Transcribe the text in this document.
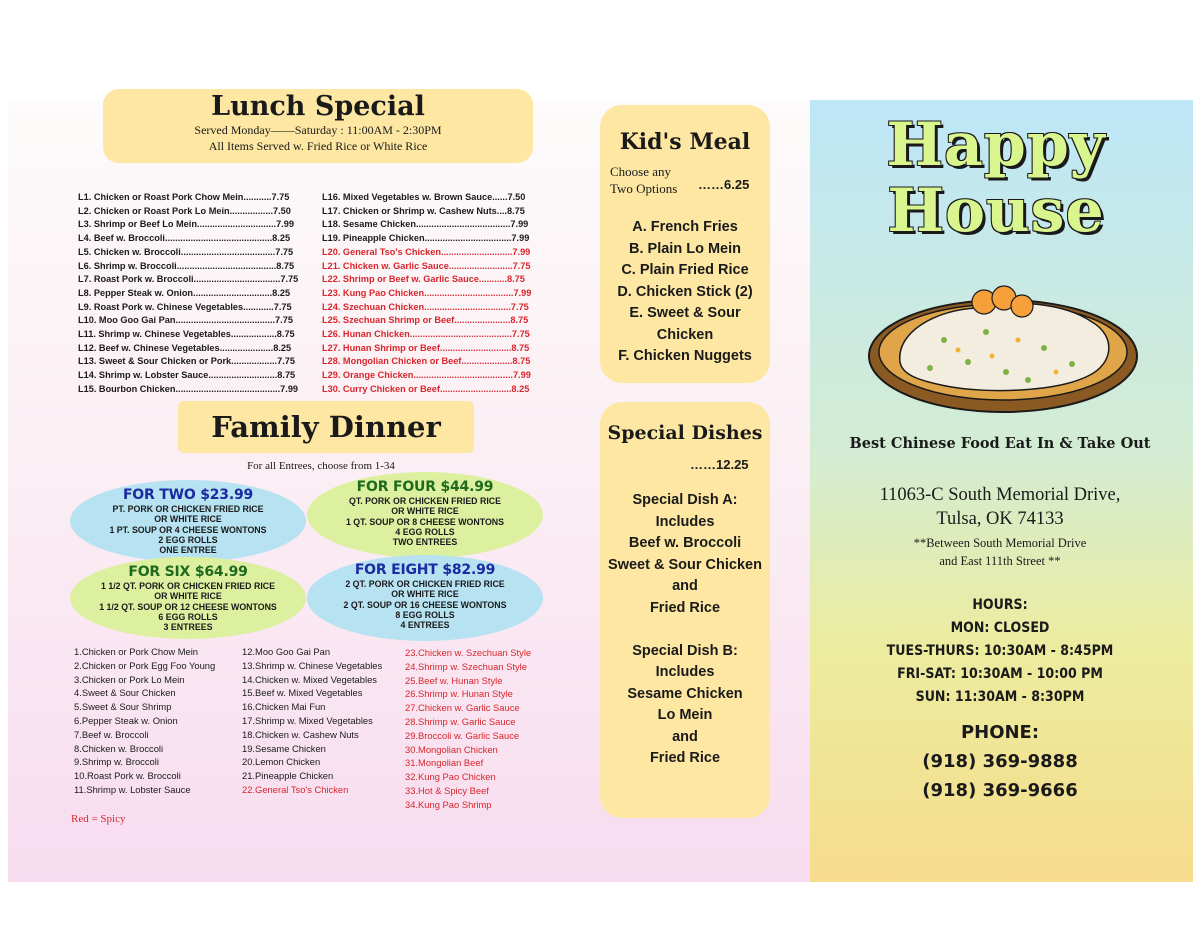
Lunch Special
Served Monday——Saturday : 11:00AM - 2:30PM
All Items Served w. Fried Rice or White Rice
L1. Chicken or Roast Pork Chow Mein...........7.75
L2. Chicken or Roast Pork Lo Mein.................7.50
L3. Shrimp or Beef Lo Mein...............................7.99
L4. Beef w. Broccoli..........................................8.25
L5. Chicken w. Broccoli.....................................7.75
L6. Shrimp w. Broccoli.......................................8.75
L7. Roast Pork w. Broccoli..................................7.75
L8. Pepper Steak w. Onion...............................8.25
L9. Roast Pork w. Chinese Vegetables............7.75
L10. Moo Goo Gai Pan.......................................7.75
L11. Shrimp w. Chinese Vegetables..................8.75
L12. Beef w. Chinese Vegetables.....................8.25
L13. Sweet & Sour Chicken or Pork..................7.75
L14. Shrimp w. Lobster Sauce...........................8.75
L15. Bourbon Chicken.........................................7.99
L16. Mixed Vegetables w. Brown Sauce......7.50
L17. Chicken or Shrimp w. Cashew Nuts....8.75
L18. Sesame Chicken.....................................7.99
L19. Pineapple Chicken..................................7.99
L20. General Tso's Chicken............................7.99
L21. Chicken w. Garlic Sauce.........................7.75
L22. Shrimp or Beef w. Garlic Sauce...........8.75
L23. Kung Pao Chicken...................................7.99
L24. Szechuan Chicken..................................7.75
L25. Szechuan Shrimp or Beef......................8.75
L26. Hunan Chicken........................................7.75
L27. Hunan Shrimp or Beef............................8.75
L28. Mongolian Chicken or Beef....................8.75
L29. Orange Chicken.......................................7.99
L30. Curry Chicken or Beef............................8.25
Family Dinner
For all Entrees, choose from 1-34
FOR TWO $23.99
PT. PORK OR CHICKEN FRIED RICE
OR WHITE RICE
1 PT. SOUP OR 4 CHEESE WONTONS
2 EGG ROLLS
ONE ENTREE
FOR FOUR $44.99
QT. PORK OR CHICKEN FRIED RICE
OR WHITE RICE
1 QT. SOUP OR 8 CHEESE WONTONS
4 EGG ROLLS
TWO ENTREES
FOR SIX $64.99
1 1/2 QT. PORK OR CHICKEN FRIED RICE
OR WHITE RICE
1 1/2 QT. SOUP OR 12 CHEESE WONTONS
6 EGG ROLLS
3 ENTREES
FOR EIGHT $82.99
2 QT. PORK OR CHICKEN FRIED RICE
OR WHITE RICE
2 QT. SOUP OR 16 CHEESE WONTONS
8 EGG ROLLS
4 ENTREES
1.Chicken or Pork Chow Mein
2.Chicken or Pork Egg Foo Young
3.Chicken or Pork Lo Mein
4.Sweet & Sour Chicken
5.Sweet & Sour Shrimp
6.Pepper Steak w. Onion
7.Beef w. Broccoli
8.Chicken w. Broccoli
9.Shrimp w. Broccoli
10.Roast Pork w. Broccoli
11.Shrimp w. Lobster Sauce
12.Moo Goo Gai Pan
13.Shrimp w. Chinese Vegetables
14.Chicken w. Mixed Vegetables
15.Beef w. Mixed Vegetables
16.Chicken Mai Fun
17.Shrimp w. Mixed Vegetables
18.Chicken w. Cashew Nuts
19.Sesame Chicken
20.Lemon Chicken
21.Pineapple Chicken
22.General Tso's Chicken
23.Chicken w. Szechuan Style
24.Shrimp w. Szechuan Style
25.Beef w. Hunan Style
26.Shrimp w. Hunan Style
27.Chicken w. Garlic Sauce
28.Shrimp w. Garlic Sauce
29.Broccoli w. Garlic Sauce
30.Mongolian Chicken
31.Mongolian Beef
32.Kung Pao Chicken
33.Hot & Spicy Beef
34.Kung Pao Shrimp
Red = Spicy
Kid's Meal
Choose any
Two Options ……6.25
A. French Fries
B. Plain Lo Mein
C. Plain Fried Rice
D. Chicken Stick (2)
E. Sweet & Sour
Chicken
F. Chicken Nuggets
Special Dishes
……12.25
Special Dish A:
Includes
Beef w. Broccoli
Sweet & Sour Chicken
and
Fried Rice
Special Dish B:
Includes
Sesame Chicken
Lo Mein
and
Fried Rice
Happy
House
Best Chinese Food Eat In & Take Out
11063-C South Memorial Drive,
Tulsa, OK 74133
**Between South Memorial Drive
and East 111th Street **
HOURS:
MON: CLOSED
TUES-THURS: 10:30AM - 8:45PM
FRI-SAT: 10:30AM - 10:00 PM
SUN: 11:30AM - 8:30PM
PHONE:
(918) 369-9888
(918) 369-9666
